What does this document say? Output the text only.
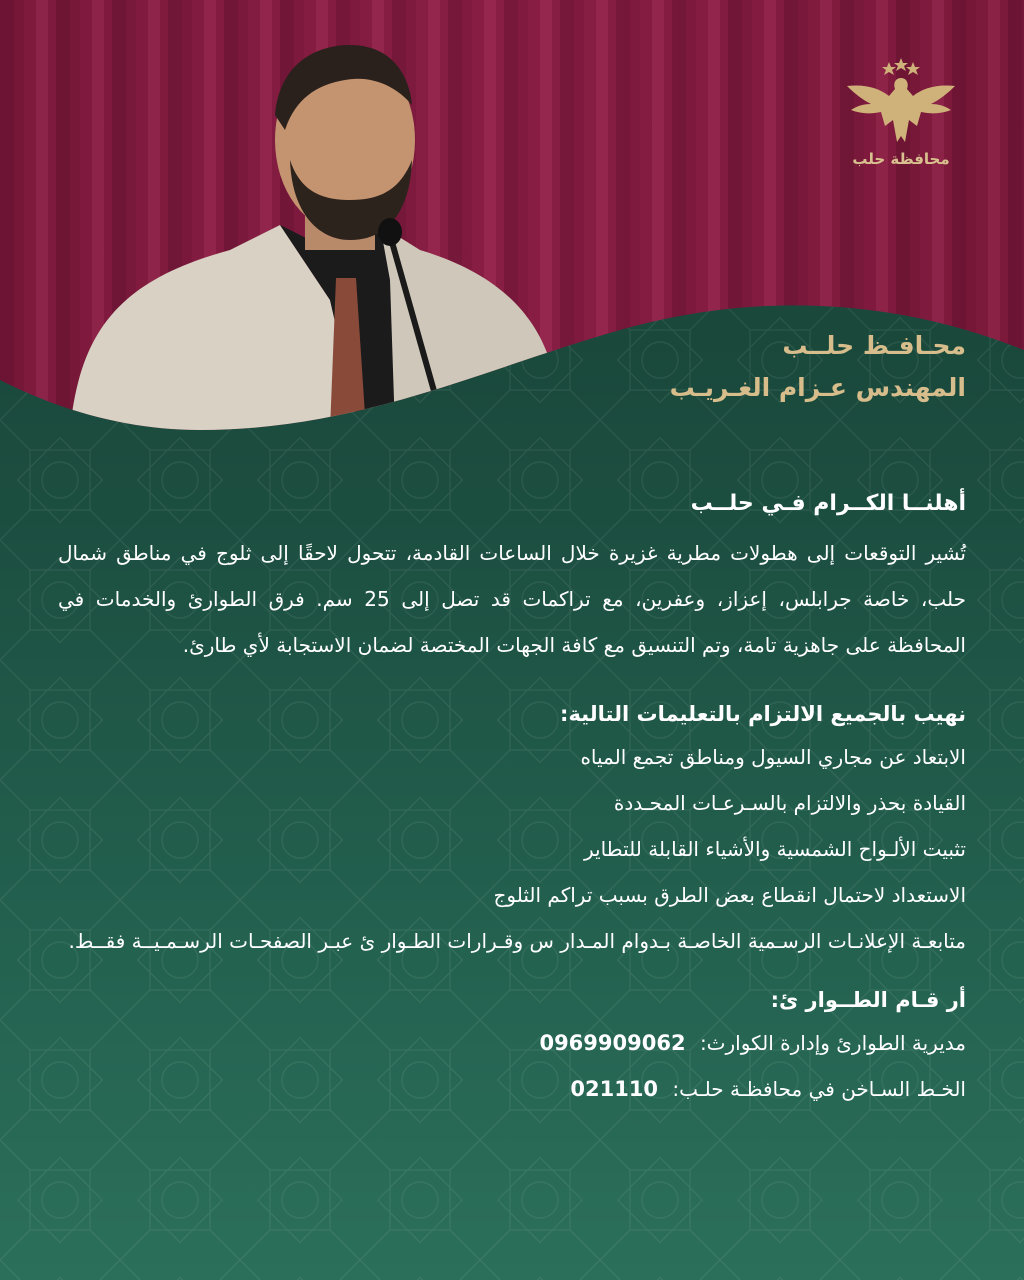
محافظة حلب
محـافـظ حلــب
المهندس عـزام الغـريـب
أهلنــا الكــرام فـي حلــب

تُشير التوقعات إلى هطولات مطرية غزيرة خلال الساعات القادمة، تتحول لاحقًا إلى ثلوج في مناطق شمال حلب، خاصة جرابلس، إعزاز، وعفرين، مع تراكمات قد تصل إلى 25 سم. فرق الطوارئ والخدمات في المحافظة على جاهزية تامة، وتم التنسيق مع كافة الجهات المختصة لضمان الاستجابة لأي طارئ.

نهيب بالجميع الالتزام بالتعليمات التالية:
الابتعاد عن مجاري السيول ومناطق تجمع المياه
القيادة بحذر والالتزام بالسـرعـات المحـددة
تثبيت الألـواح الشمسية والأشياء القابلة للتطاير
الاستعداد لاحتمال انقطاع بعض الطرق بسبب تراكم الثلوج
متابعـة الإعلانـات الرسـمية الخاصـة بـدوام المـدار س وقـرارات الطـوار ئ عبـر الصفحـات الرسـمـيــة فقــط.
أر قـام الطــوار ئ:
مديرية الطوارئ وإدارة الكوارث: 0969909062
الخـط السـاخن في محافظـة حلـب: 021110
